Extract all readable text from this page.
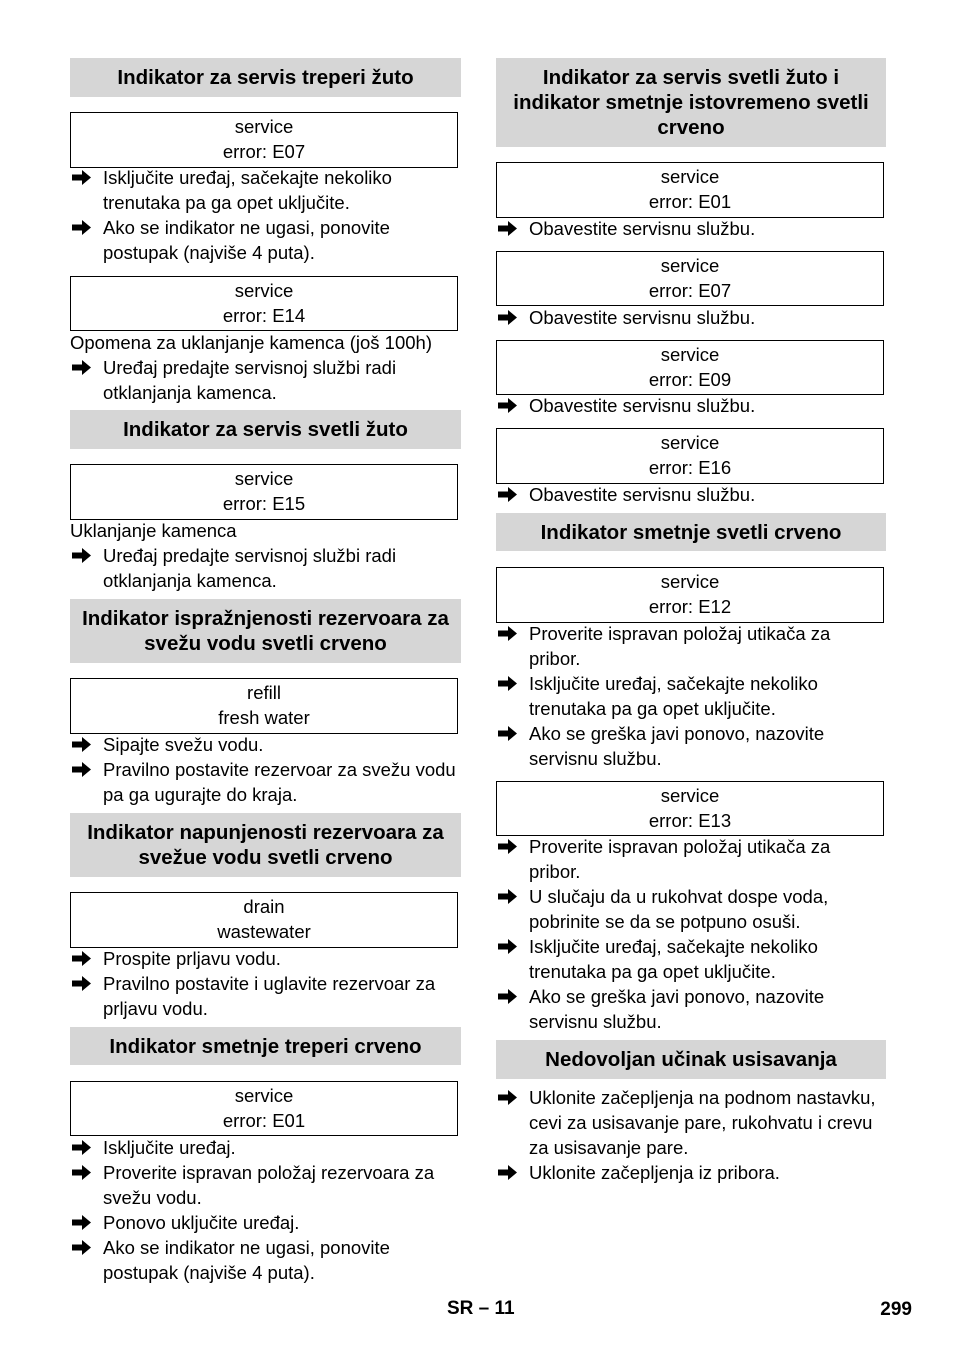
Indikator za servis treperi žuto
service
error: E07
Isključite uređaj, sačekajte nekoliko trenutaka pa ga opet uključite.
Ako se indikator ne ugasi, ponovite postupak (najviše 4 puta).
service
error: E14
Opomena za uklanjanje kamenca (još 100h)
Uređaj predajte servisnoj službi radi otklanjanja kamenca.
Indikator za servis svetli žuto
service
error: E15
Uklanjanje kamenca
Uređaj predajte servisnoj službi radi otklanjanja kamenca.
Indikator ispražnjenosti rezervoara za svežu vodu svetli crveno
refill
fresh water
Sipajte svežu vodu.
Pravilno postavite rezervoar za svežu vodu pa ga ugurajte do kraja.
Indikator napunjenosti rezervoara za svežue vodu svetli crveno
drain
wastewater
Prospite prljavu vodu.
Pravilno postavite i uglavite rezervoar za prljavu vodu.
Indikator smetnje treperi crveno
service
error: E01
Isključite uređaj.
Proverite ispravan položaj rezervoara za svežu vodu.
Ponovo uključite uređaj.
Ako se indikator ne ugasi, ponovite postupak (najviše 4 puta).
Indikator za servis svetli žuto i indikator smetnje istovremeno svetli crveno
service
error: E01
Obavestite servisnu službu.
service
error: E07
Obavestite servisnu službu.
service
error: E09
Obavestite servisnu službu.
service
error: E16
Obavestite servisnu službu.
Indikator smetnje svetli crveno
service
error: E12
Proverite ispravan položaj utikača za pribor.
Isključite uređaj, sačekajte nekoliko trenutaka pa ga opet uključite.
Ako se greška javi ponovo, nazovite servisnu službu.
service
error: E13
Proverite ispravan položaj utikača za pribor.
U slučaju da u rukohvat dospe voda, pobrinite se da se potpuno osuši.
Isključite uređaj, sačekajte nekoliko trenutaka pa ga opet uključite.
Ako se greška javi ponovo, nazovite servisnu službu.
Nedovoljan učinak usisavanja
Uklonite začepljenja na podnom nastavku, cevi za usisavanje pare, rukohvatu i crevu za usisavanje pare.
Uklonite začepljenja iz pribora.
SR – 11	299
